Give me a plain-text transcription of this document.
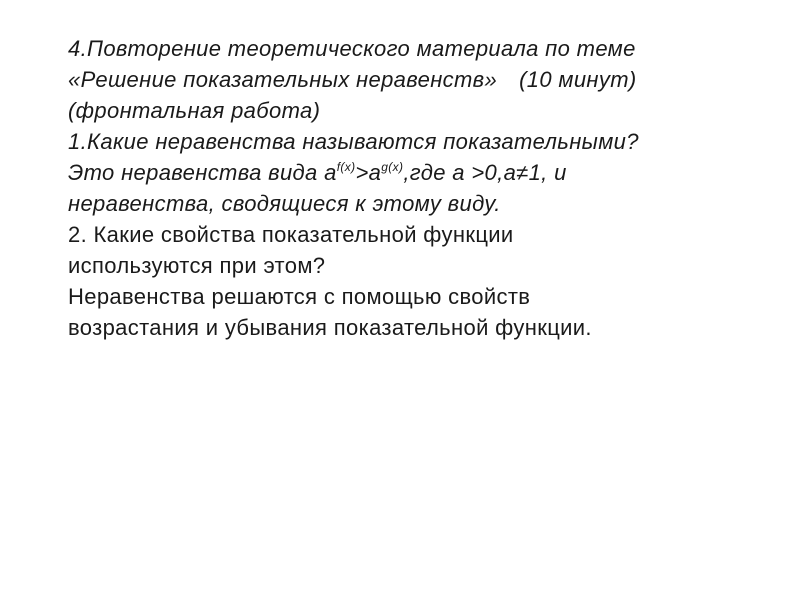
4.Повторение теоретического материала по теме
«Решение показательных неравенств» (10 минут)
(фронтальная работа)
1.Какие неравенства называются показательными?
Это неравенства вида $a^{f(x)}>a^{g(x)},где$ a >0,a≠1, и
неравенства, сводящиеся к этому виду.
2. Какие свойства показательной функции
используются при этом?
Неравенства решаются с помощью свойств
возрастания и убывания показательной функции.
